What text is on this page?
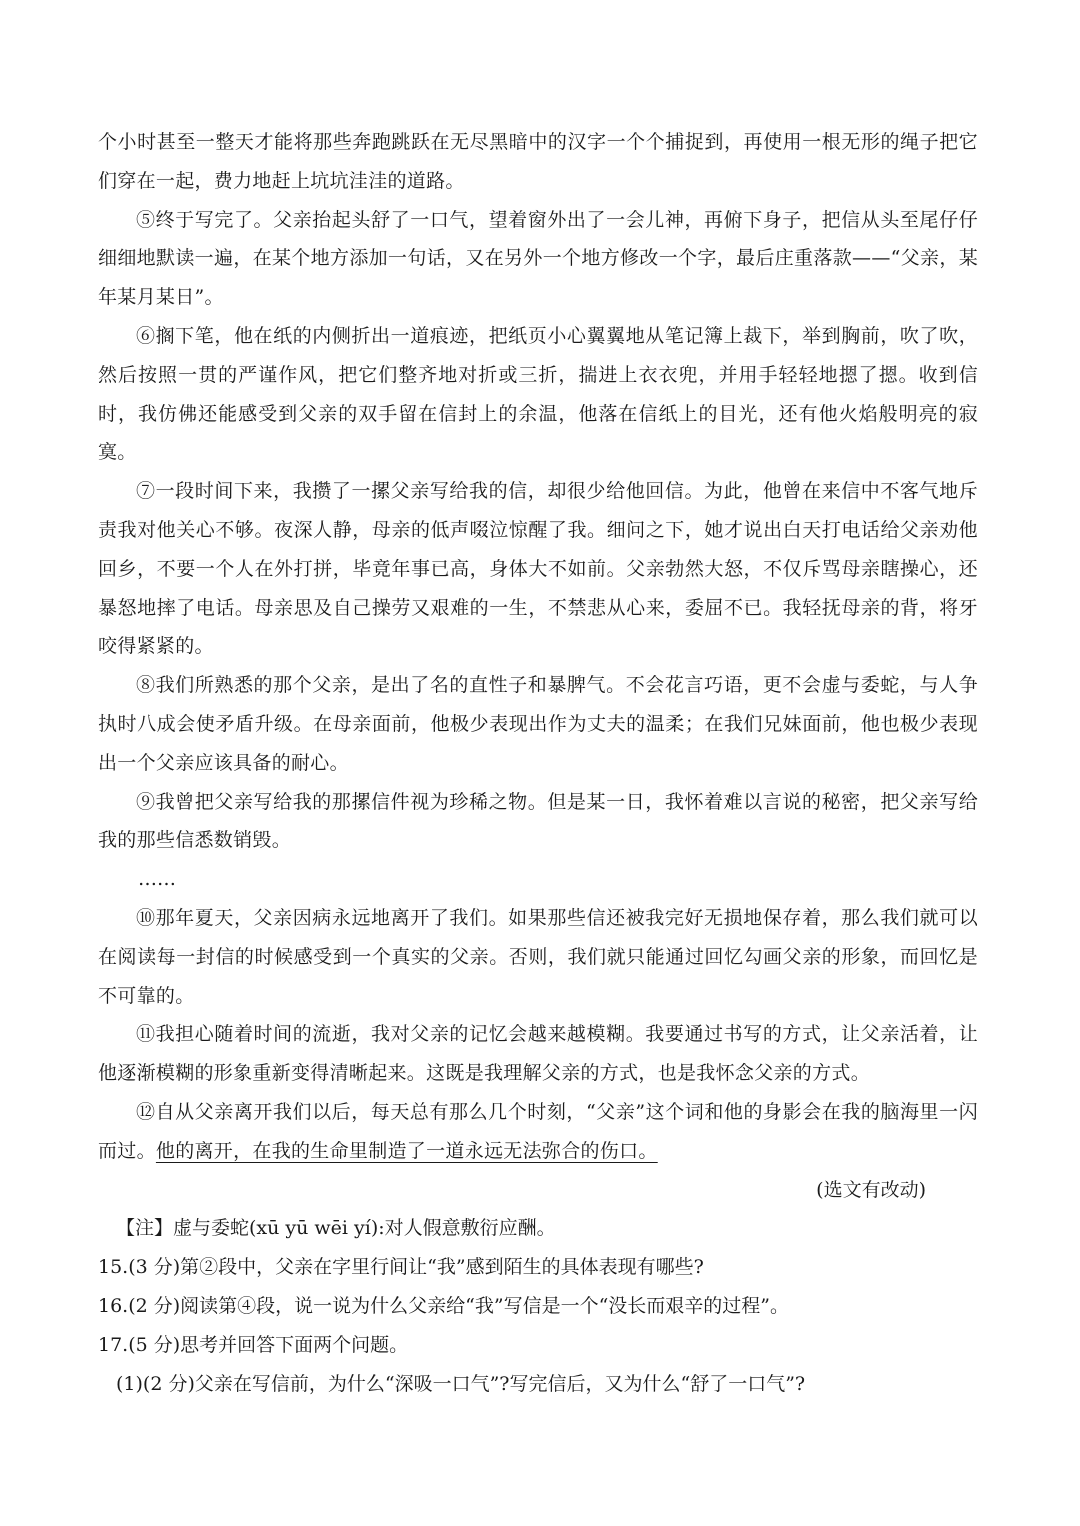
个小时甚至一整天才能将那些奔跑跳跃在无尽黑暗中的汉字一个个捕捉到，再使用一根无形的绳子把它们穿在一起，费力地赶上坑坑洼洼的道路。

⑤终于写完了。父亲抬起头舒了一口气，望着窗外出了一会儿神，再俯下身子，把信从头至尾仔仔细细地默读一遍，在某个地方添加一句话，又在另外一个地方修改一个字，最后庄重落款——“父亲，某年某月某日”。

⑥搁下笔，他在纸的内侧折出一道痕迹，把纸页小心翼翼地从笔记簿上裁下，举到胸前，吹了吹，然后按照一贯的严谨作风，把它们整齐地对折或三折，揣进上衣衣兜，并用手轻轻地摁了摁。收到信时，我仿佛还能感受到父亲的双手留在信封上的余温，他落在信纸上的目光，还有他火焰般明亮的寂寞。

⑦一段时间下来，我攒了一摞父亲写给我的信，却很少给他回信。为此，他曾在来信中不客气地斥责我对他关心不够。夜深人静，母亲的低声啜泣惊醒了我。细问之下，她才说出白天打电话给父亲劝他回乡，不要一个人在外打拼，毕竟年事已高，身体大不如前。父亲勃然大怒，不仅斥骂母亲瞎操心，还暴怒地摔了电话。母亲思及自己操劳又艰难的一生，不禁悲从心来，委屈不已。我轻抚母亲的背，将牙咬得紧紧的。

⑧我们所熟悉的那个父亲，是出了名的直性子和暴脾气。不会花言巧语，更不会虚与委蛇，与人争执时八成会使矛盾升级。在母亲面前，他极少表现出作为丈夫的温柔；在我们兄妹面前，他也极少表现出一个父亲应该具备的耐心。

⑨我曾把父亲写给我的那摞信件视为珍稀之物。但是某一日，我怀着难以言说的秘密，把父亲写给我的那些信悉数销毁。

……

⑩那年夏天，父亲因病永远地离开了我们。如果那些信还被我完好无损地保存着，那么我们就可以在阅读每一封信的时候感受到一个真实的父亲。否则，我们就只能通过回忆勾画父亲的形象，而回忆是不可靠的。

⑪我担心随着时间的流逝，我对父亲的记忆会越来越模糊。我要通过书写的方式，让父亲活着，让他逐渐模糊的形象重新变得清晰起来。这既是我理解父亲的方式，也是我怀念父亲的方式。

⑫自从父亲离开我们以后，每天总有那么几个时刻，“父亲”这个词和他的身影会在我的脑海里一闪而过。他的离开，在我的生命里制造了一道永远无法弥合的伤口。

(选文有改动)

【注】虚与委蛇(xū yū wēi yí):对人假意敷衍应酬。

15.(3 分)第②段中，父亲在字里行间让“我”感到陌生的具体表现有哪些?

16.(2 分)阅读第④段，说一说为什么父亲给“我”写信是一个“没长而艰辛的过程”。

17.(5 分)思考并回答下面两个问题。

(1)(2 分)父亲在写信前，为什么“深吸一口气”?写完信后，又为什么“舒了一口气”?
